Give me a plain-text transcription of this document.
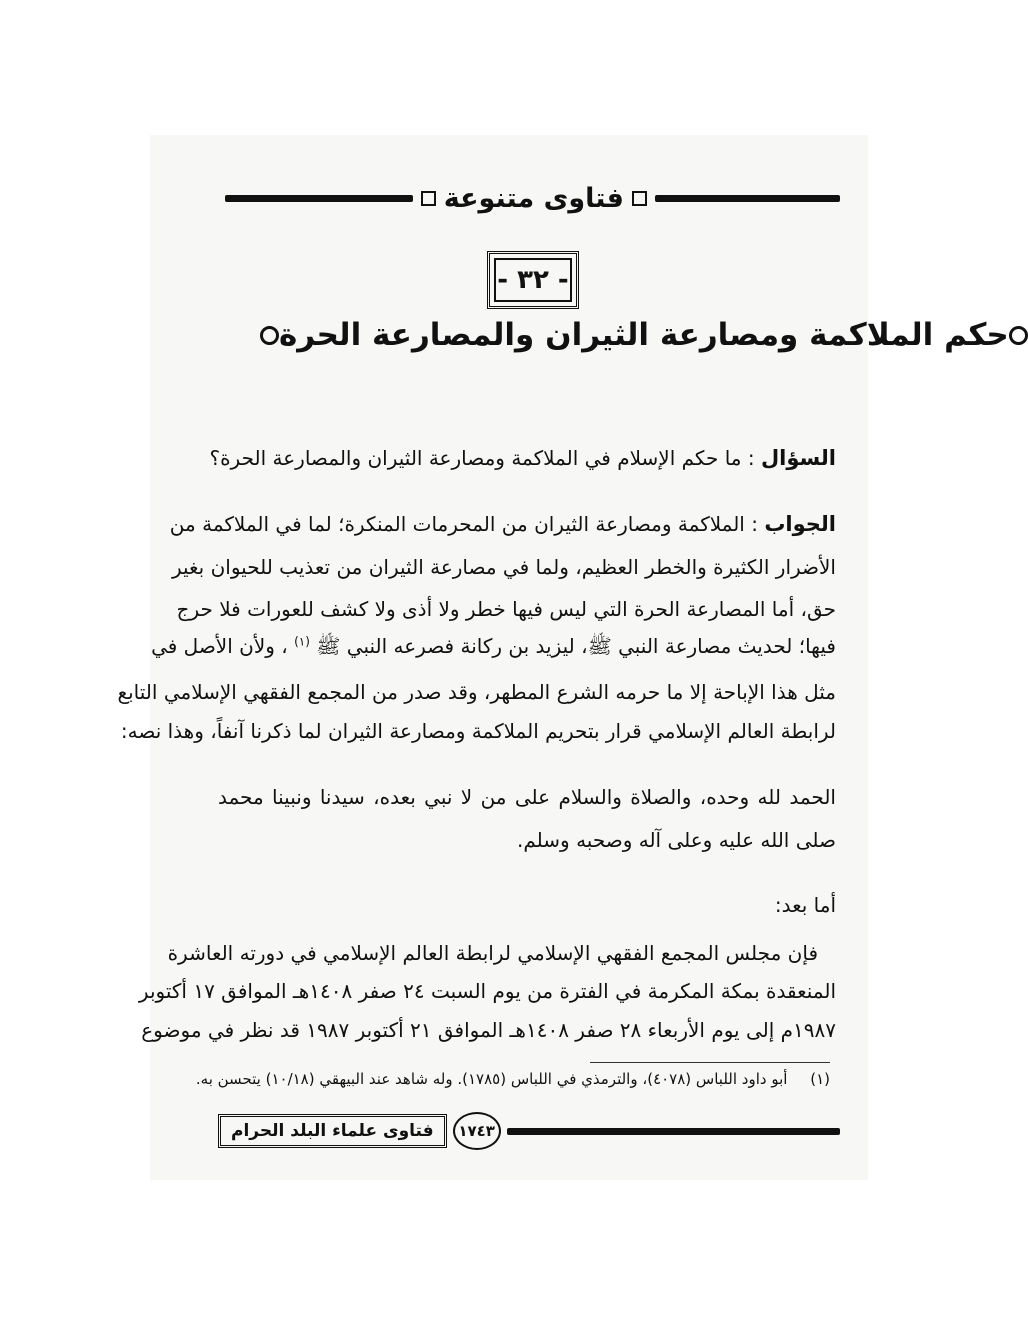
فتاوى متنوعة
- ٣٢ -
حكم الملاكمة ومصارعة الثيران والمصارعة الحرة
السؤال : ما حكم الإسلام في الملاكمة ومصارعة الثيران والمصارعة الحرة؟
الجواب : الملاكمة ومصارعة الثيران من المحرمات المنكرة؛ لما في الملاكمة من
الأضرار الكثيرة والخطر العظيم، ولما في مصارعة الثيران من تعذيب للحيوان بغير
حق، أما المصارعة الحرة التي ليس فيها خطر ولا أذى ولا كشف للعورات فلا حرج
فيها؛ لحديث مصارعة النبي ﷺ، ليزيد بن ركانة فصرعه النبي ﷺ $^{(١)}$ ، ولأن الأصل في
مثل هذا الإباحة إلا ما حرمه الشرع المطهر، وقد صدر من المجمع الفقهي الإسلامي التابع
لرابطة العالم الإسلامي قرار بتحريم الملاكمة ومصارعة الثيران لما ذكرنا آنفاً، وهذا نصه:
الحمد لله وحده، والصلاة والسلام على من لا نبي بعده، سيدنا ونبينا محمد
صلى الله عليه وعلى آله وصحبه وسلم.
أما بعد:
فإن مجلس المجمع الفقهي الإسلامي لرابطة العالم الإسلامي في دورته العاشرة
المنعقدة بمكة المكرمة في الفترة من يوم السبت ٢٤ صفر ١٤٠٨هـ الموافق ١٧ أكتوبر
١٩٨٧م إلى يوم الأربعاء ٢٨ صفر ١٤٠٨هـ الموافق ٢١ أكتوبر ١٩٨٧ قد نظر في موضوع
(١) أبو داود اللباس (٤٠٧٨)، والترمذي في اللباس (١٧٨٥). وله شاهد عند البيهقي (١٠/١٨) يتحسن به.
فتاوى علماء البلد الحرام	١٧٤٣
